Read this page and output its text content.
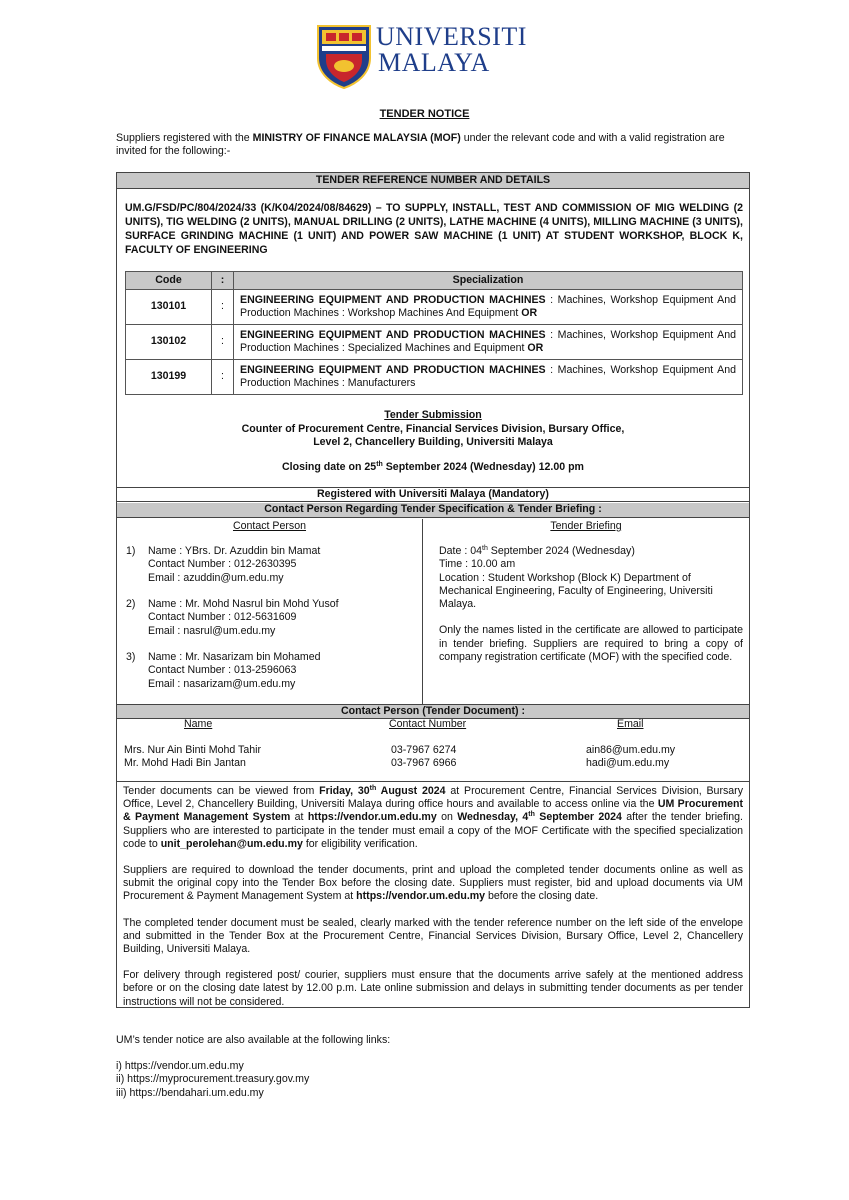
UNIVERSITI
MALAYA
TENDER NOTICE
Suppliers registered with the MINISTRY OF FINANCE MALAYSIA (MOF) under the relevant code and with a valid registration are invited for the following:-
TENDER REFERENCE NUMBER AND DETAILS
UM.G/FSD/PC/804/2024/33 (K/K04/2024/08/84629) – TO SUPPLY, INSTALL, TEST AND COMMISSION OF MIG WELDING (2 UNITS), TIG WELDING (2 UNITS), MANUAL DRILLING (2 UNITS), LATHE MACHINE (4 UNITS), MILLING MACHINE (3 UNITS), SURFACE GRINDING MACHINE (1 UNIT) AND POWER SAW MACHINE (1 UNIT) AT STUDENT WORKSHOP, BLOCK K, FACULTY OF ENGINEERING
Code	:	Specialization
130101	:	ENGINEERING EQUIPMENT AND PRODUCTION MACHINES : Machines, Workshop Equipment And Production Machines : Workshop Machines And Equipment OR
130102	:	ENGINEERING EQUIPMENT AND PRODUCTION MACHINES : Machines, Workshop Equipment And Production Machines : Specialized Machines and Equipment OR
130199	:	ENGINEERING EQUIPMENT AND PRODUCTION MACHINES : Machines, Workshop Equipment And Production Machines : Manufacturers
Tender Submission
Counter of Procurement Centre, Financial Services Division, Bursary Office,
Level 2, Chancellery Building, Universiti Malaya
Closing date on 25th September 2024 (Wednesday) 12.00 pm
Registered with Universiti Malaya (Mandatory)
Contact Person Regarding Tender Specification & Tender Briefing :
Contact Person
1) Name : YBrs. Dr. Azuddin bin Mamat
Contact Number : 012-2630395
Email : azuddin@um.edu.my
2) Name : Mr. Mohd Nasrul bin Mohd Yusof
Contact Number : 012-5631609
Email : nasrul@um.edu.my
3) Name : Mr. Nasarizam bin Mohamed
Contact Number : 013-2596063
Email : nasarizam@um.edu.my
Tender Briefing
Date : 04th September 2024 (Wednesday)
Time : 10.00 am
Location : Student Workshop (Block K) Department of Mechanical Engineering, Faculty of Engineering, Universiti Malaya.
Only the names listed in the certificate are allowed to participate in tender briefing. Suppliers are required to bring a copy of company registration certificate (MOF) with the specified code.
Contact Person (Tender Document) :
Name	Contact Number	Email
Mrs. Nur Ain Binti Mohd Tahir	03-7967 6274	ain86@um.edu.my
Mr. Mohd Hadi Bin Jantan	03-7967 6966	hadi@um.edu.my

Tender documents can be viewed from Friday, 30th August 2024 at Procurement Centre, Financial Services Division, Bursary Office, Level 2, Chancellery Building, Universiti Malaya during office hours and available to access online via the UM Procurement & Payment Management System at https://vendor.um.edu.my on Wednesday, 4th September 2024 after the tender briefing. Suppliers who are interested to participate in the tender must email a copy of the MOF Certificate with the specified specialization code to unit_perolehan@um.edu.my for eligibility verification.

Suppliers are required to download the tender documents, print and upload the completed tender documents online as well as submit the original copy into the Tender Box before the closing date. Suppliers must register, bid and upload documents via UM Procurement & Payment Management System at https://vendor.um.edu.my before the closing date.

The completed tender document must be sealed, clearly marked with the tender reference number on the left side of the envelope and submitted in the Tender Box at the Procurement Centre, Financial Services Division, Bursary Office, Level 2, Chancellery Building, Universiti Malaya.

For delivery through registered post/ courier, suppliers must ensure that the documents arrive safely at the mentioned address before or on the closing date latest by 12.00 p.m. Late online submission and delays in submitting tender documents as per tender instructions will not be considered.

UM’s tender notice are also available at the following links:
i) https://vendor.um.edu.my
ii) https://myprocurement.treasury.gov.my
iii) https://bendahari.um.edu.my
